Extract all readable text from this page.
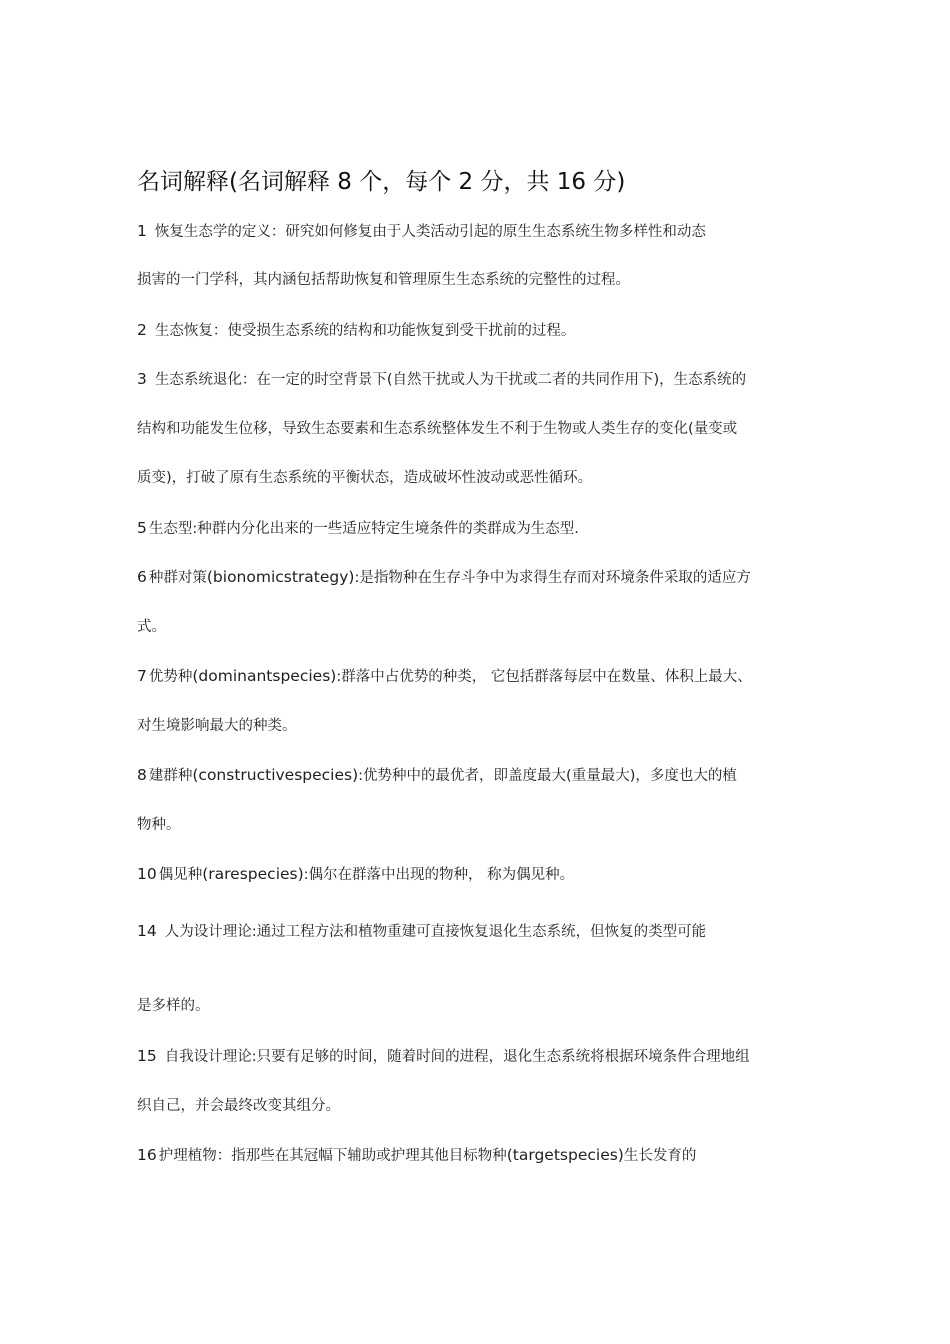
名词解释(名词解释 8 个，每个 2 分，共 16 分)
1 恢复生态学的定义：研究如何修复由于人类活动引起的原生生态系统生物多样性和动态
损害的一门学科，其内涵包括帮助恢复和管理原生生态系统的完整性的过程。
2 生态恢复：使受损生态系统的结构和功能恢复到受干扰前的过程。
3 生态系统退化：在一定的时空背景下(自然干扰或人为干扰或二者的共同作用下)，生态系统的
结构和功能发生位移，导致生态要素和生态系统整体发生不利于生物或人类生存的变化(量变或
质变)，打破了原有生态系统的平衡状态，造成破坏性波动或恶性循环。
5 生态型:种群内分化出来的一些适应特定生境条件的类群成为生态型.
6 种群对策(bionomicstrategy):是指物种在生存斗争中为求得生存而对环境条件采取的适应方
式。
7 优势种(dominantspecies):群落中占优势的种类， 它包括群落每层中在数量、体积上最大、
对生境影响最大的种类。
8 建群种(constructivespecies):优势种中的最优者，即盖度最大(重量最大)，多度也大的植
物种。
10 偶见种(rarespecies):偶尔在群落中出现的物种， 称为偶见种。
14 人为设计理论:通过工程方法和植物重建可直接恢复退化生态系统，但恢复的类型可能
是多样的。
15 自我设计理论:只要有足够的时间，随着时间的进程，退化生态系统将根据环境条件合理地组
织自己，并会最终改变其组分。
16 护理植物：指那些在其冠幅下辅助或护理其他目标物种(targetspecies)生长发育的
